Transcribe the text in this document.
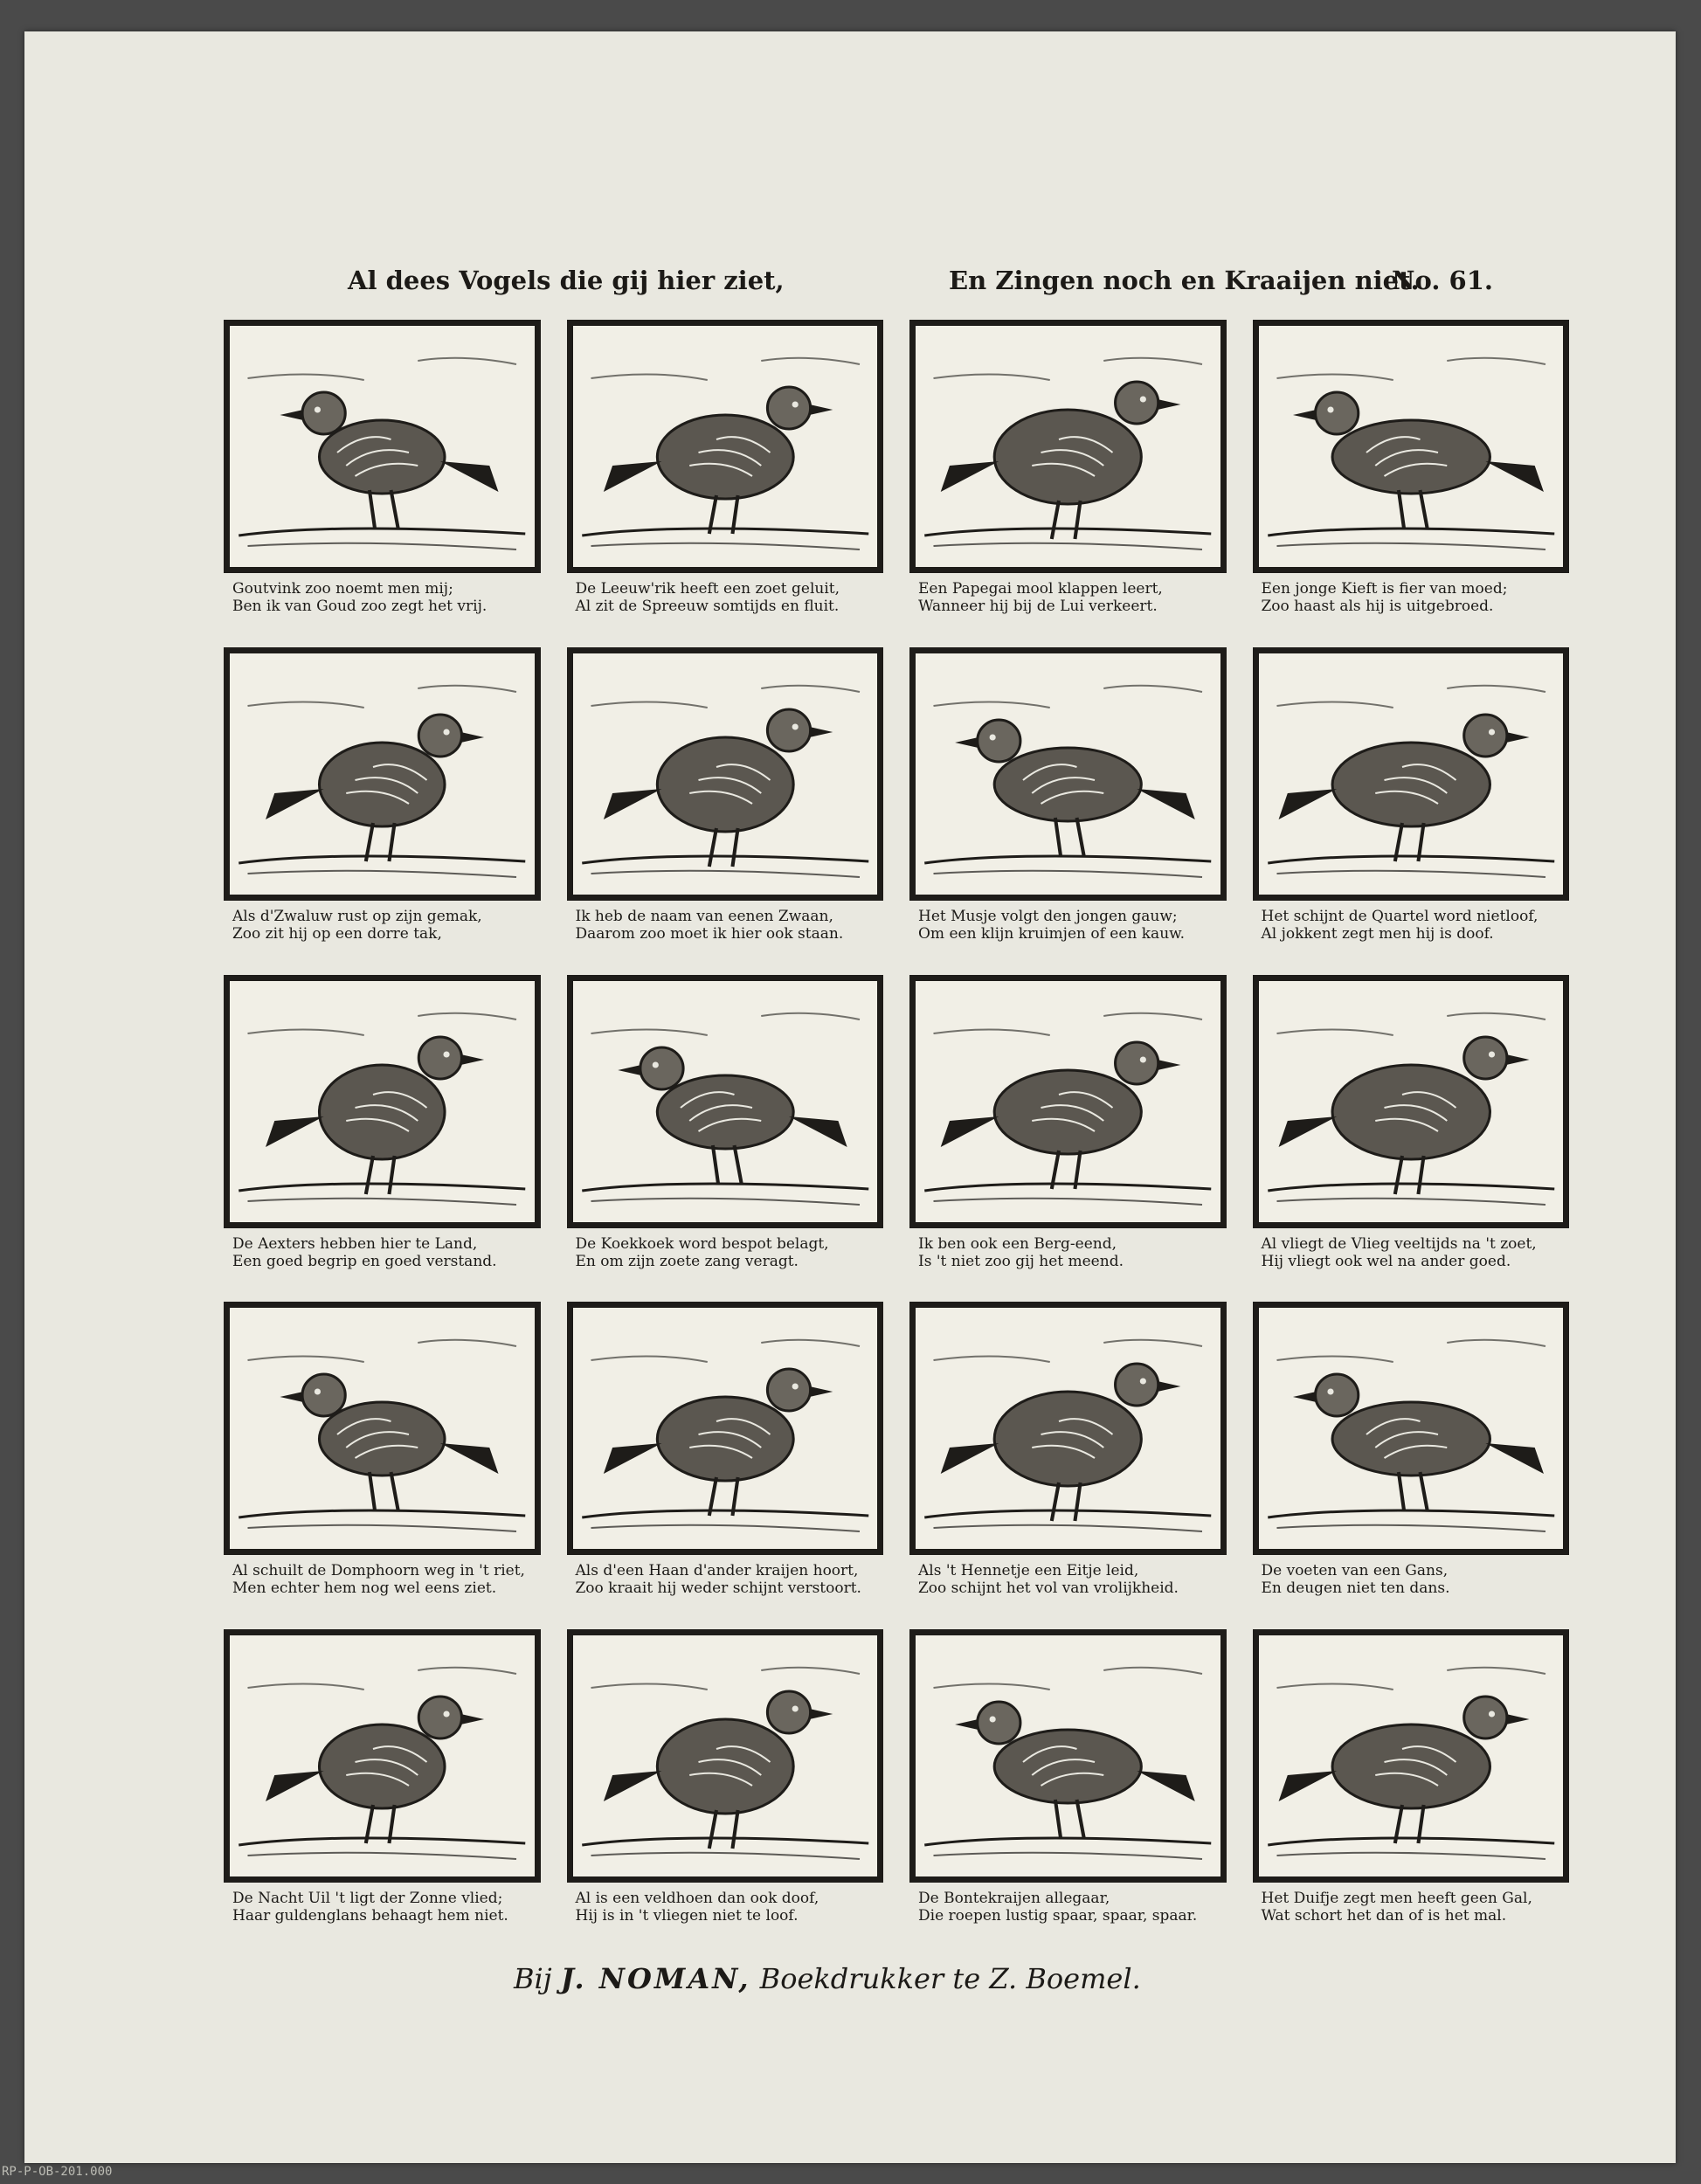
Al dees Vogels die gij hier ziet,	En Zingen noch en Kraaijen niet.
No. 61.
Goutvink zoo noemt men mij;
Ben ik van Goud zoo zegt het vrij.
De Leeuw'rik heeft een zoet geluit,
Al zit de Spreeuw somtijds en fluit.
Een Papegai mool klappen leert,
Wanneer hij bij de Lui verkeert.
Een jonge Kieft is fier van moed;
Zoo haast als hij is uitgebroed.
Als d'Zwaluw rust op zijn gemak,
Zoo zit hij op een dorre tak,
Ik heb de naam van eenen Zwaan,
Daarom zoo moet ik hier ook staan.
Het Musje volgt den jongen gauw;
Om een klijn kruimjen of een kauw.
Het schijnt de Quartel word nietloof,
Al jokkent zegt men hij is doof.
De Aexters hebben hier te Land,
Een goed begrip en goed verstand.
De Koekkoek word bespot belagt,
En om zijn zoete zang veragt.
Ik ben ook een Berg-eend,
Is 't niet zoo gij het meend.
Al vliegt de Vlieg veeltijds na 't zoet,
Hij vliegt ook wel na ander goed.
Al schuilt de Domphoorn weg in 't riet,
Men echter hem nog wel eens ziet.
Als d'een Haan d'ander kraijen hoort,
Zoo kraait hij weder schijnt verstoort.
Als 't Hennetje een Eitje leid,
Zoo schijnt het vol van vrolijkheid.
De voeten van een Gans,
En deugen niet ten dans.
De Nacht Uil 't ligt der Zonne vlied;
Haar guldenglans behaagt hem niet.
Al is een veldhoen dan ook doof,
Hij is in 't vliegen niet te loof.
De Bontekraijen allegaar,
Die roepen lustig spaar, spaar, spaar.
Het Duifje zegt men heeft geen Gal,
Wat schort het dan of is het mal.
Bij J. NOMAN, Boekdrukker te Z. Boemel.
RP-P-OB-201.000
